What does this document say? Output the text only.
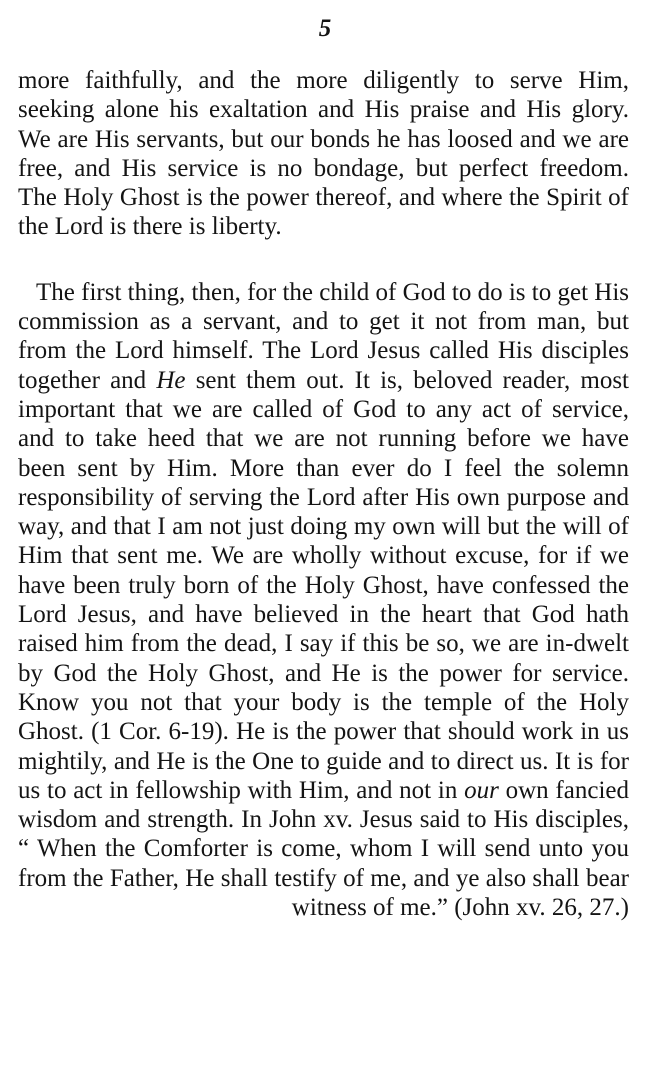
5

more faithfully, and the more diligently to serve Him, seeking alone his exaltation and His praise and His glory. We are His servants, but our bonds he has loosed and we are free, and His service is no bondage, but perfect freedom. The Holy Ghost is the power thereof, and where the Spirit of the Lord is there is liberty.

The first thing, then, for the child of God to do is to get His commission as a servant, and to get it not from man, but from the Lord himself. The Lord Jesus called His disciples together and He sent them out. It is, beloved reader, most important that we are called of God to any act of service, and to take heed that we are not running before we have been sent by Him. More than ever do I feel the solemn responsibility of serving the Lord after His own purpose and way, and that I am not just doing my own will but the will of Him that sent me. We are wholly without excuse, for if we have been truly born of the Holy Ghost, have confessed the Lord Jesus, and have believed in the heart that God hath raised him from the dead, I say if this be so, we are in-dwelt by God the Holy Ghost, and He is the power for service. Know you not that your body is the temple of the Holy Ghost. (1 Cor. 6-19). He is the power that should work in us mightily, and He is the One to guide and to direct us. It is for us to act in fellowship with Him, and not in our own fancied wisdom and strength. In John xv. Jesus said to His disciples, “ When the Comforter is come, whom I will send unto you from the Father, He shall testify of me, and ye also shall bear witness of me.” (John xv. 26, 27.)
